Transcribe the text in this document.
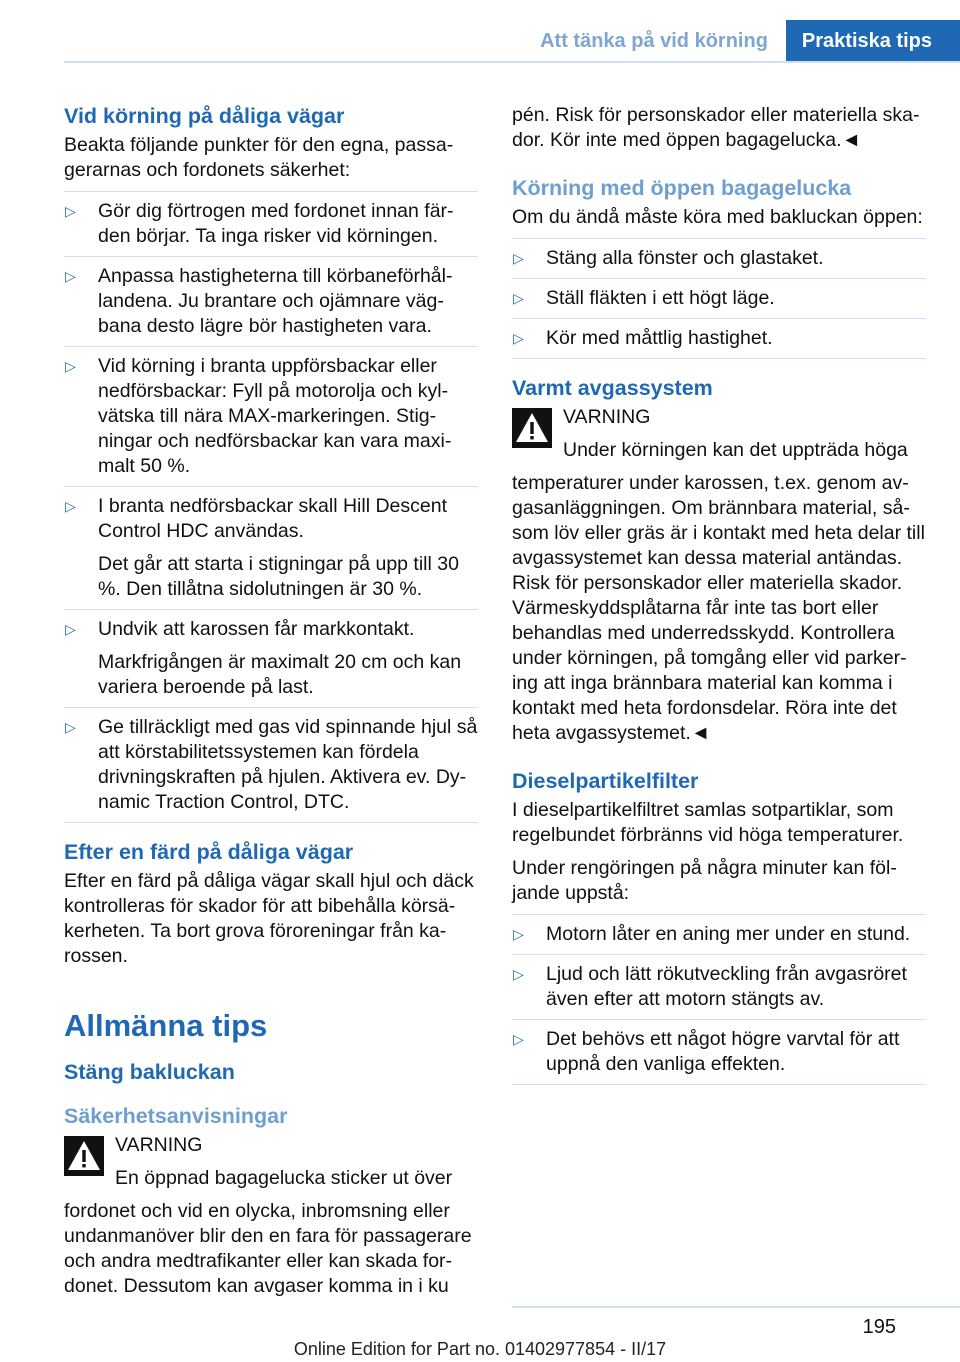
Att tänka på vid körning	Praktiska tips
Vid körning på dåliga vägar

Beakta följande punkter för den egna, passagerarnas och fordonets säkerhet:

▷ Gör dig förtrogen med fordonet innan färden börjar. Ta inga risker vid körningen.

▷ Anpassa hastigheterna till körbaneförhållandena. Ju brantare och ojämnare vägbana desto lägre bör hastigheten vara.

▷ Vid körning i branta uppförsbackar eller nedförsbackar: Fyll på motorolja och kylvätska till nära MAX-markeringen. Stigningar och nedförsbackar kan vara maximalt 50 %.

▷ I branta nedförsbackar skall Hill Descent Control HDC användas.

Det går att starta i stigningar på upp till 30 %. Den tillåtna sidolutningen är 30 %.

▷ Undvik att karossen får markkontakt.

Markfrigången är maximalt 20 cm och kan variera beroende på last.

▷ Ge tillräckligt med gas vid spinnande hjul så att körstabilitetssystemen kan fördela drivningskraften på hjulen. Aktivera ev. Dynamic Traction Control, DTC.

Efter en färd på dåliga vägar

Efter en färd på dåliga vägar skall hjul och däck kontrolleras för skador för att bibehålla körsäkerheten. Ta bort grova föroreningar från karossen.

Allmänna tips
Stäng bakluckan
Säkerhetsanvisningar

VARNING

En öppnad bagagelucka sticker ut över

fordonet och vid en olycka, inbromsning eller undanmanöver blir den en fara för passagerare och andra medtrafikanter eller kan skada fordonet. Dessutom kan avgaser komma in i ku

pén. Risk för personskador eller materiella skador. Kör inte med öppen bagagelucka.◄

Körning med öppen bagagelucka

Om du ändå måste köra med bakluckan öppen:

▷ Stäng alla fönster och glastaket.

▷ Ställ fläkten i ett högt läge.

▷ Kör med måttlig hastighet.

Varmt avgassystem

VARNING

Under körningen kan det uppträda höga

temperaturer under karossen, t.ex. genom avgasanläggningen. Om brännbara material, såsom löv eller gräs är i kontakt med heta delar till avgassystemet kan dessa material antändas. Risk för personskador eller materiella skador. Värmeskyddsplåtarna får inte tas bort eller behandlas med underredsskydd. Kontrollera under körningen, på tomgång eller vid parkering att inga brännbara material kan komma i kontakt med heta fordonsdelar. Röra inte det heta avgassystemet.◄

Dieselpartikelfilter

I dieselpartikelfiltret samlas sotpartiklar, som regelbundet förbränns vid höga temperaturer.

Under rengöringen på några minuter kan följande uppstå:

▷ Motorn låter en aning mer under en stund.

▷ Ljud och lätt rökutveckling från avgasröret även efter att motorn stängts av.

▷ Det behövs ett något högre varvtal för att uppnå den vanliga effekten.

195
Online Edition for Part no. 01402977854 - II/17
